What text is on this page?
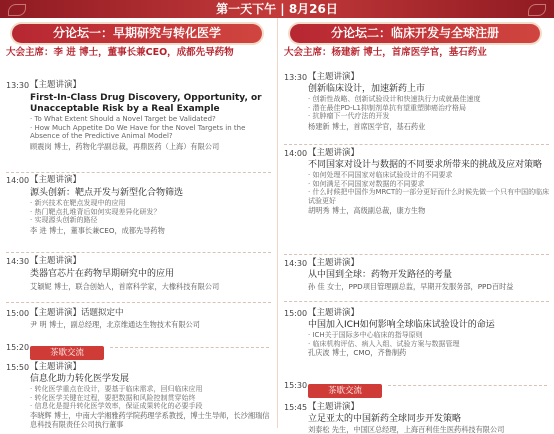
第一天下午 | 8月26日
分论坛一：早期研究与转化医学
大会主席：李 进 博士，董事长兼CEO，成都先导药物
13:30 【主题讲演】
First-In-Class Drug Discovery, Opportunity, or Unacceptable Risk by a Real Example
· To What Extent Should a Novel Target be Validated?
· How Much Appetite Do We Have for the Novel Targets in the Absence of the Predictive Animal Model?
顾震岗 博士，药物化学副总裁，再鼎医药（上海）有限公司
14:00 【主题讲演】
源头创新：靶点开发与新型化合物筛选
· 新兴技术在靶点发现中的应用
· 热门靶点扎堆背后如何实现差异化研发？
· 实现源头创新的路径
李 进 博士，董事长兼CEO，成都先导药物
14:30 【主题讲演】
类器官芯片在药物早期研究中的应用
艾颖妮 博士，联合创始人，首席科学家，大橡科技有限公司
15:00 【主题讲演】话题拟定中
尹 明 博士，副总经理，北京维通达生物技术有限公司
15:20
茶歇交流
15:50 【主题讲演】
信息化助力转化医学发展
· 转化医学重点在设计，要基于临床需求，回归临床应用
· 转化医学关键在过程，要把数据和风险控制贯穿始终
· 信息化是提升转化医学效率，保证成果转化的必要手段
李晓辉 博士，中南大学湘雅药学院药理学系教授，博士生导师，长沙湘瑞信息科技有限责任公司执行董事
分论坛二：临床开发与全球注册
大会主席：杨建新 博士，首席医学官，基石药业
13:30 【主题讲演】
创新临床设计，加速新药上市
· 创新性战略、创新试验设计和快速执行力成就最佳速度
· 潜在最佳PD-L1抑制剂单抗有望重塑肺癌治疗格局
· 抗肿瘤下一代疗法的开发
杨建新 博士，首席医学官，基石药业
14:00 【主题讲演】
不同国家对设计与数据的不同要求所带来的挑战及应对策略
· 如何处理不同国家对临床试验设计的不同要求
· 如何满足不同国家对数据的不同要求
· 什么时候把中国作为MRCT的一部分更好而什么时候先做一个只有中国的临床试验更好
胡明秀 博士，高级副总裁，康方生物
14:30 【主题讲演】
从中国到全球：药物开发路径的考量
孙 佳 女士，PPD项目管理副总监，早期开发服务部，PPD百时益
15:00 【主题讲演】
中国加入ICH如何影响全球临床试验设计的命运
· ICH关于国际多中心临床的指导原则
· 临床机构评估、病人入组、试验方案与数据管理
孔庆波 博士，CMO，齐鲁制药
15:30
茶歇交流
15:45 【主题讲演】
立足亚太的中国新药全球同步开发策略
刘泰松 先生，中国区总经理，上海百利佳生医药科技有限公司
